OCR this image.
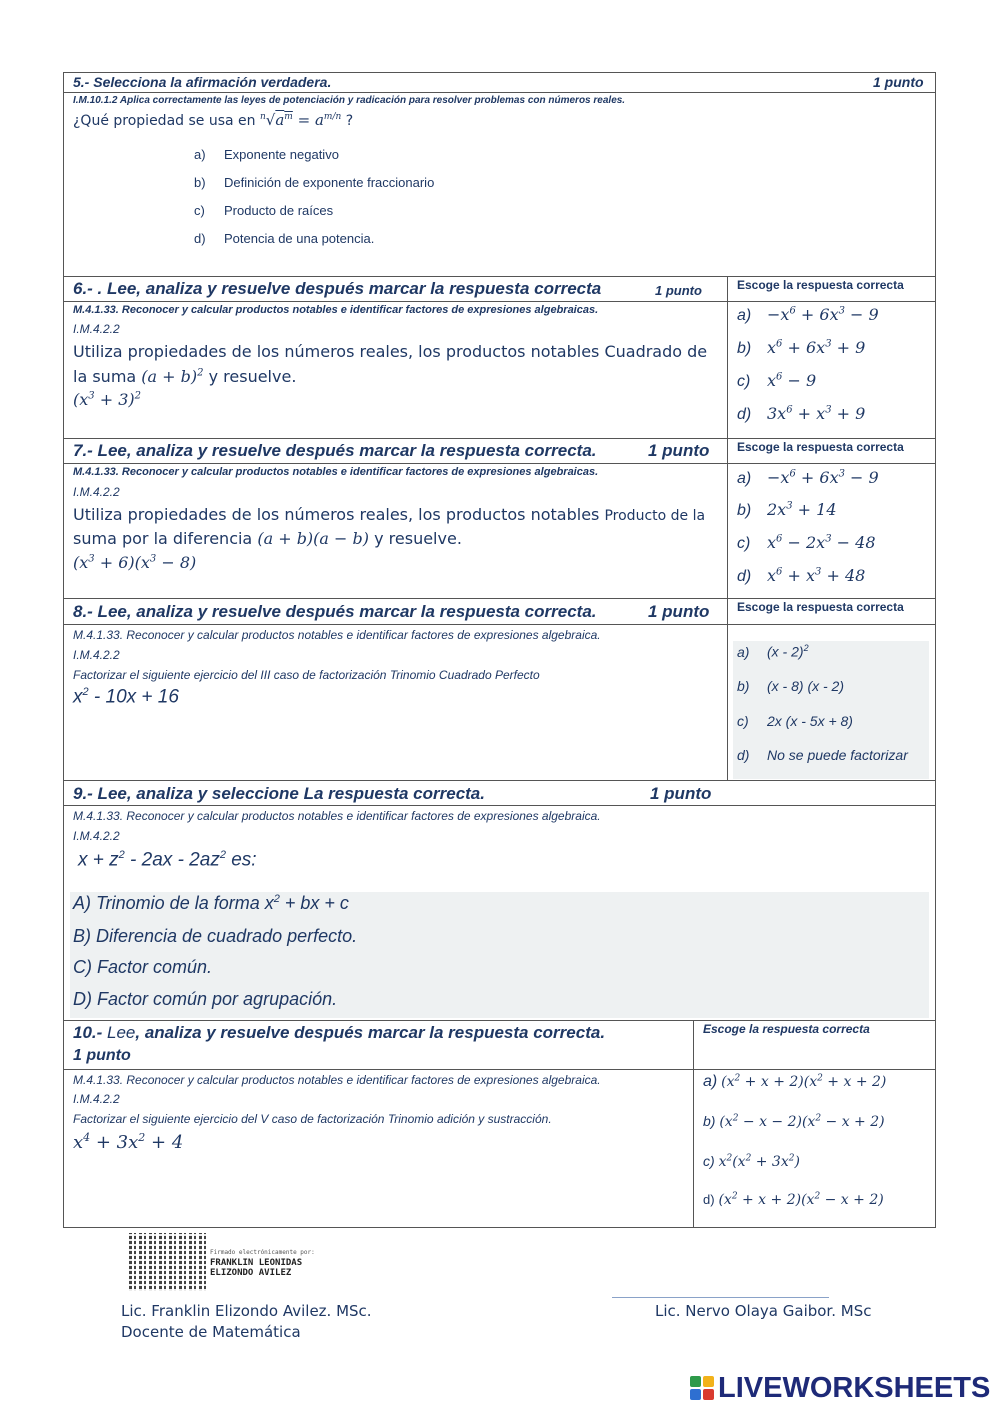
5.- Selecciona la afirmación verdadera.	1 punto
I.M.10.1.2 Aplica correctamente las leyes de potenciación y radicación para resolver problemas con números reales.
¿Qué propiedad se usa en $^n√a^m = a^{m/n}$ ?
a) Exponente negativo
b) Definición de exponente fraccionario
c) Producto de raíces
d) Potencia de una potencia.
6.- . Lee, analiza y resuelve después marcar la respuesta correcta	1 punto	Escoge la respuesta correcta
M.4.1.33. Reconocer y calcular productos notables e identificar factores de expresiones algebraicas.
I.M.4.2.2
Utiliza propiedades de los números reales, los productos notables Cuadrado de
la suma $(a + b)^2$ y resuelve.
$(x^3 + 3)^2$
$a) -x^6 + 6x^3 - 9$
b) $x^6 + 6x^3 + 9$
c) $x^6 - 9$
d) $3x^6 + x^3 + 9$
7.- Lee, analiza y resuelve después marcar la respuesta correcta.	1 punto Escoge la respuesta correcta
M.4.1.33. Reconocer y calcular productos notables e identificar factores de expresiones algebraicas.
I.M.4.2.2
Utiliza propiedades de los números reales, los productos notables Producto de la
suma por la diferencia (a + b)(a − b) y resuelve.
$(x^3 + 6)(x^3 - 8)$
$a) -x^6 + 6x^3 - 9$
b) $2x^3 + 14$
c) $x^6 - 2x^3 - 48$
d) $x^6 + x^3 + 48$
8.- Lee, analiza y resuelve después marcar la respuesta correcta.	1 punto Escoge la respuesta correcta
M.4.1.33. Reconocer y calcular productos notables e identificar factores de expresiones algebraica.
I.M.4.2.2
Factorizar el siguiente ejercicio del III caso de factorización Trinomio Cuadrado Perfecto
$x^2 - 10x + 16$
a) (x - 2)$^2$
b) (x - 8) (x - 2)
c) 2x (x - 5x + 8)
d) No se puede factorizar
9.- Lee, analiza y seleccione La respuesta correcta.	1 punto
M.4.1.33. Reconocer y calcular productos notables e identificar factores de expresiones algebraica.
I.M.4.2.2
$x + z^2 - 2ax - 2az^2$ es:
A) Trinomio de la forma $x^2$ + bx + c
B) Diferencia de cuadrado perfecto.
C) Factor común.
D) Factor común por agrupación.
10.- Lee, analiza y resuelve después marcar la respuesta correcta.
1 punto
Escoge la respuesta correcta
M.4.1.33. Reconocer y calcular productos notables e identificar factores de expresiones algebraica.
I.M.4.2.2
Factorizar el siguiente ejercicio del V caso de factorización Trinomio adición y sustracción.
$x^4 + 3x^2 + 4$
a) $(x^2 + x + 2)(x^2 + x + 2)$
b) $(x^2 - x - 2)(x^2 - x + 2)$
c) $x^2(x^2 + 3x^2)$
d) $(x^2 + x + 2)(x^2 - x + 2)$
Firmado electrónicamente por:
FRANKLIN LEONIDAS
ELIZONDO AVILEZ
Lic. Franklin Elizondo Avilez. MSc.
Docente de Matemática
Lic. Nervo Olaya Gaibor. MSc
LIVEWORKSHEETS
